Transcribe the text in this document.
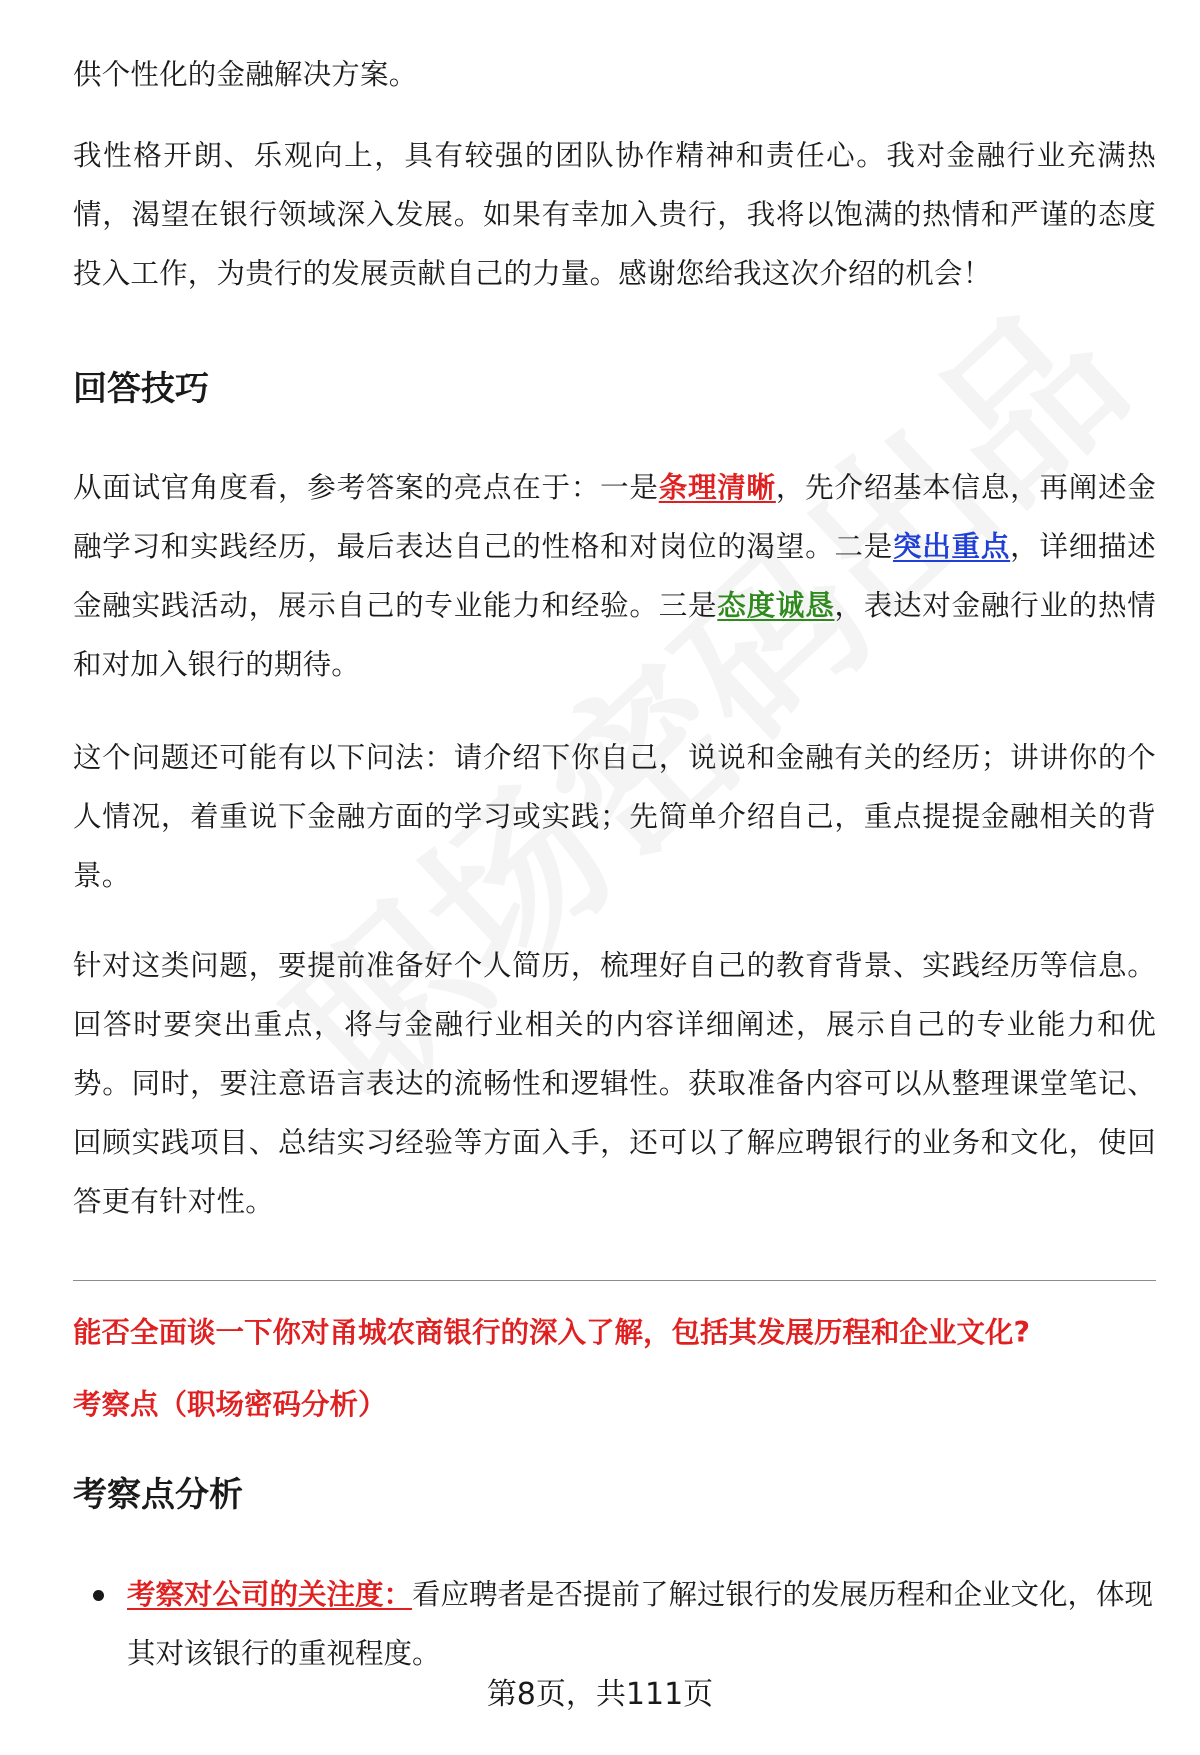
供个性化的金融解决方案。

我性格开朗、乐观向上，具有较强的团队协作精神和责任心。我对金融行业充满热情，渴望在银行领域深入发展。如果有幸加入贵行，我将以饱满的热情和严谨的态度投入工作，为贵行的发展贡献自己的力量。感谢您给我这次介绍的机会！

回答技巧

从面试官角度看，参考答案的亮点在于：一是条理清晰，先介绍基本信息，再阐述金融学习和实践经历，最后表达自己的性格和对岗位的渴望。二是突出重点，详细描述金融实践活动，展示自己的专业能力和经验。三是态度诚恳，表达对金融行业的热情和对加入银行的期待。

这个问题还可能有以下问法：请介绍下你自己，说说和金融有关的经历；讲讲你的个人情况，着重说下金融方面的学习或实践；先简单介绍自己，重点提提金融相关的背景。

针对这类问题，要提前准备好个人简历，梳理好自己的教育背景、实践经历等信息。回答时要突出重点，将与金融行业相关的内容详细阐述，展示自己的专业能力和优势。同时，要注意语言表达的流畅性和逻辑性。获取准备内容可以从整理课堂笔记、回顾实践项目、总结实习经验等方面入手，还可以了解应聘银行的业务和文化，使回答更有针对性。

能否全面谈一下你对甬城农商银行的深入了解，包括其发展历程和企业文化?

考察点（职场密码分析）

考察点分析
考察对公司的关注度：看应聘者是否提前了解过银行的发展历程和企业文化，体现其对该银行的重视程度。
第8页，共111页
